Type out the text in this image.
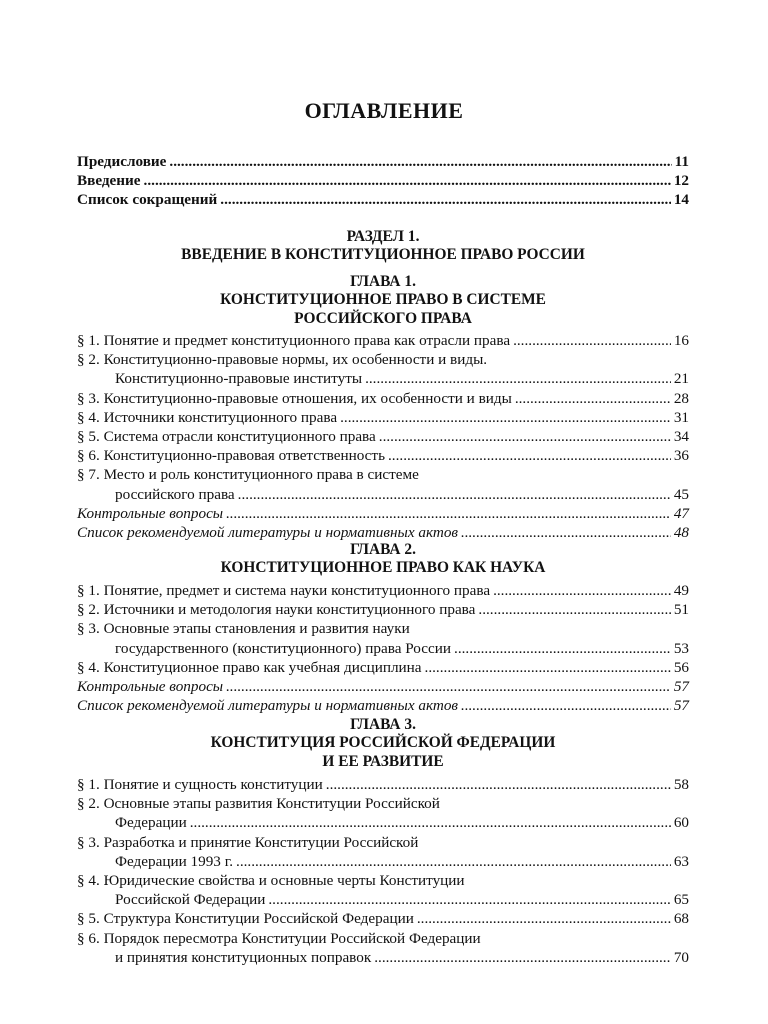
ОГЛАВЛЕНИЕ
Предисловие .....	11
Введение .....	12
Список сокращений .....	14
РАЗДЕЛ 1.
ВВЕДЕНИЕ В КОНСТИТУЦИОННОЕ ПРАВО РОССИИ
ГЛАВА 1.
КОНСТИТУЦИОННОЕ ПРАВО В СИСТЕМЕ
РОССИЙСКОГО ПРАВА
§ 1. Понятие и предмет конституционного права как отрасли права .....	16
§ 2. Конституционно-правовые нормы, их особенности и виды.
Конституционно-правовые институты .....	21
§ 3. Конституционно-правовые отношения, их особенности и виды .....	28
§ 4. Источники конституционного права .....	31
§ 5. Система отрасли конституционного права .....	34
§ 6. Конституционно-правовая ответственность .....	36
§ 7. Место и роль конституционного права в системе
российского права .....	45
Контрольные вопросы .....	47
Список рекомендуемой литературы и нормативных актов .....	48
ГЛАВА 2.
КОНСТИТУЦИОННОЕ ПРАВО КАК НАУКА
§ 1. Понятие, предмет и система науки конституционного права .....	49
§ 2. Источники и методология науки конституционного права .....	51
§ 3. Основные этапы становления и развития науки
государственного (конституционного) права России .....	53
§ 4. Конституционное право как учебная дисциплина .....	56
Контрольные вопросы .....	57
Список рекомендуемой литературы и нормативных актов .....	57
ГЛАВА 3.
КОНСТИТУЦИЯ РОССИЙСКОЙ ФЕДЕРАЦИИ
И ЕЕ РАЗВИТИЕ
§ 1. Понятие и сущность конституции .....	58
§ 2. Основные этапы развития Конституции Российской
Федерации .....	60
§ 3. Разработка и принятие Конституции Российской
Федерации 1993 г. .....	63
§ 4. Юридические свойства и основные черты Конституции
Российской Федерации .....	65
§ 5. Структура Конституции Российской Федерации .....	68
§ 6. Порядок пересмотра Конституции Российской Федерации
и принятия конституционных поправок .....	70
